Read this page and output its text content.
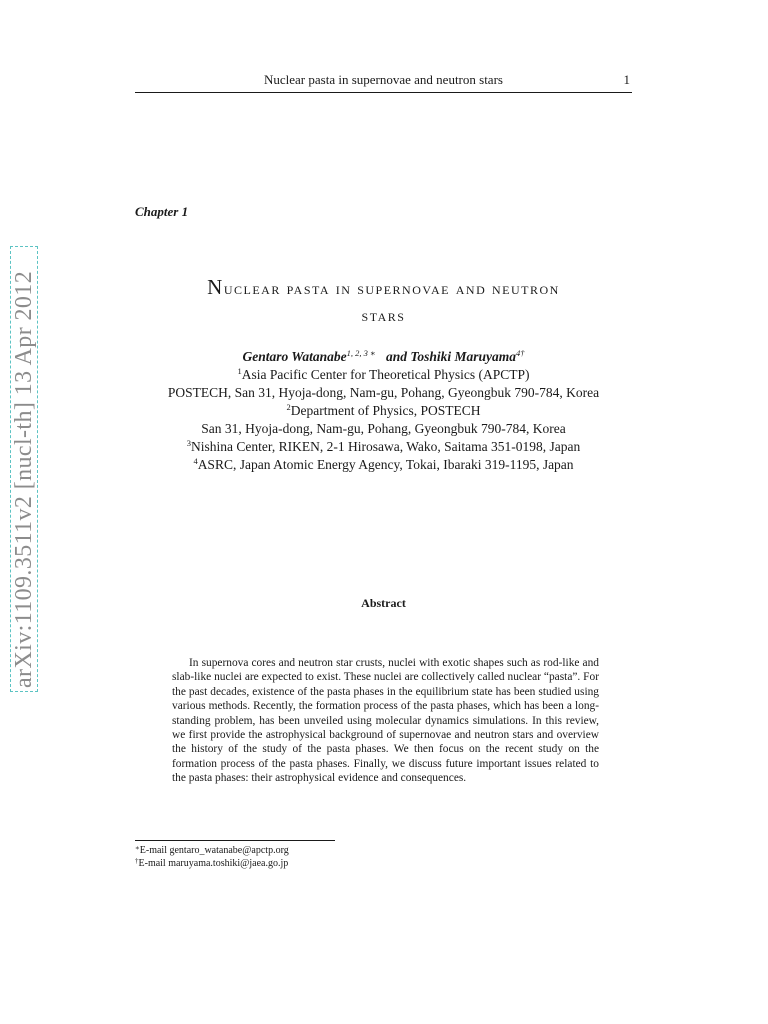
Nuclear pasta in supernovae and neutron stars	1
Chapter 1
Nuclear pasta in supernovae and neutron
stars
Gentaro Watanabe$^{1, 2, 3 ∗}$ and Toshiki Maruyama$^{4\dagger}$
$^1$Asia Pacific Center for Theoretical Physics (APCTP)
POSTECH, San 31, Hyoja-dong, Nam-gu, Pohang, Gyeongbuk 790-784, Korea
$^2$Department of Physics, POSTECH
San 31, Hyoja-dong, Nam-gu, Pohang, Gyeongbuk 790-784, Korea
$^3$Nishina Center, RIKEN, 2-1 Hirosawa, Wako, Saitama 351-0198, Japan
$^4$ASRC, Japan Atomic Energy Agency, Tokai, Ibaraki 319-1195, Japan
Abstract

In supernova cores and neutron star crusts, nuclei with exotic shapes such as rod-like and slab-like nuclei are expected to exist. These nuclei are collectively called nuclear “pasta”. For the past decades, existence of the pasta phases in the equilibrium state has been studied using various methods. Recently, the formation process of the pasta phases, which has been a long-standing problem, has been unveiled using molecular dynamics simulations. In this review, we first provide the astrophysical background of supernovae and neutron stars and overview the history of the study of the pasta phases. We then focus on the recent study on the formation process of the pasta phases. Finally, we discuss future important issues related to the pasta phases: their astrophysical evidence and consequences.

∗E-mail gentaro_watanabe@apctp.org
†E-mail maruyama.toshiki@jaea.go.jp
arXiv:1109.3511v2 [nucl-th] 13 Apr 2012
